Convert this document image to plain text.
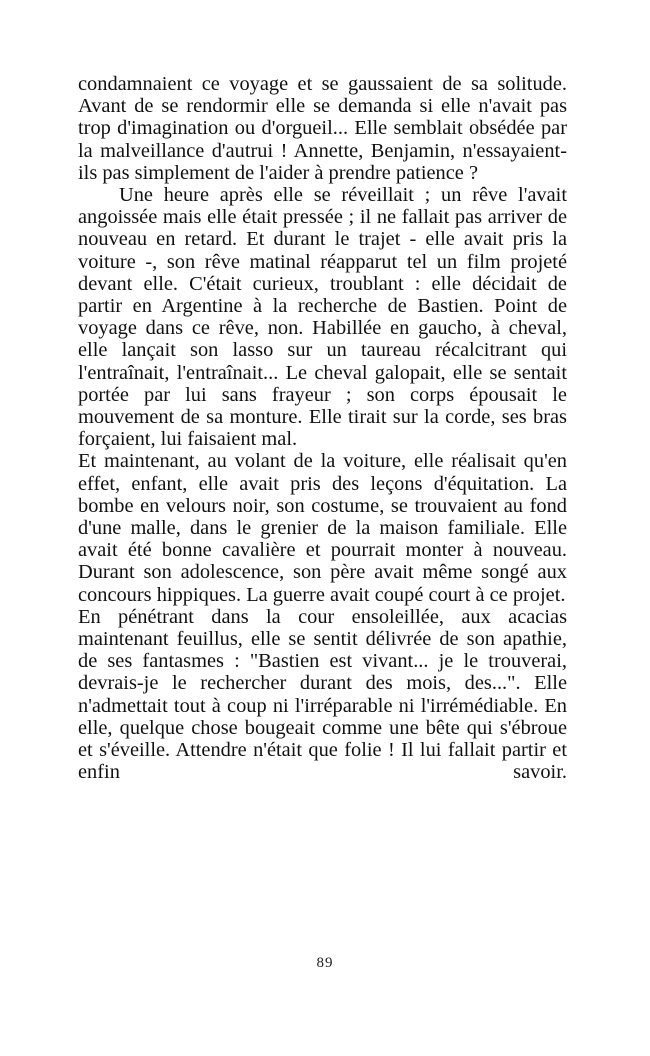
condamnaient ce voyage et se gaussaient de sa solitude. Avant de se rendormir elle se demanda si elle n'avait pas trop d'imagination ou d'orgueil... Elle semblait obsédée par la malveillance d'autrui ! Annette, Benjamin, n'essayaient-ils pas simplement de l'aider à prendre patience ?

Une heure après elle se réveillait ; un rêve l'avait angoissée mais elle était pressée ; il ne fallait pas arriver de nouveau en retard. Et durant le trajet - elle avait pris la voiture -, son rêve matinal réapparut tel un film projeté devant elle. C'était curieux, troublant : elle décidait de partir en Argentine à la recherche de Bastien. Point de voyage dans ce rêve, non. Habillée en gaucho, à cheval, elle lançait son lasso sur un taureau récalcitrant qui l'entraînait, l'entraînait... Le cheval galopait, elle se sentait portée par lui sans frayeur ; son corps épousait le mouvement de sa monture. Elle tirait sur la corde, ses bras forçaient, lui faisaient mal.

Et maintenant, au volant de la voiture, elle réalisait qu'en effet, enfant, elle avait pris des leçons d'équitation. La bombe en velours noir, son costume, se trouvaient au fond d'une malle, dans le grenier de la maison familiale. Elle avait été bonne cavalière et pourrait monter à nouveau. Durant son adolescence, son père avait même songé aux concours hippiques. La guerre avait coupé court à ce projet.

En pénétrant dans la cour ensoleillée, aux acacias maintenant feuillus, elle se sentit délivrée de son apathie, de ses fantasmes : "Bastien est vivant... je le trouverai, devrais-je le rechercher durant des mois, des...". Elle n'admettait tout à coup ni l'irréparable ni l'irrémédiable. En elle, quelque chose bougeait comme une bête qui s'ébroue et s'éveille. Attendre n'était que folie ! Il lui fallait partir et enfin savoir.

89
